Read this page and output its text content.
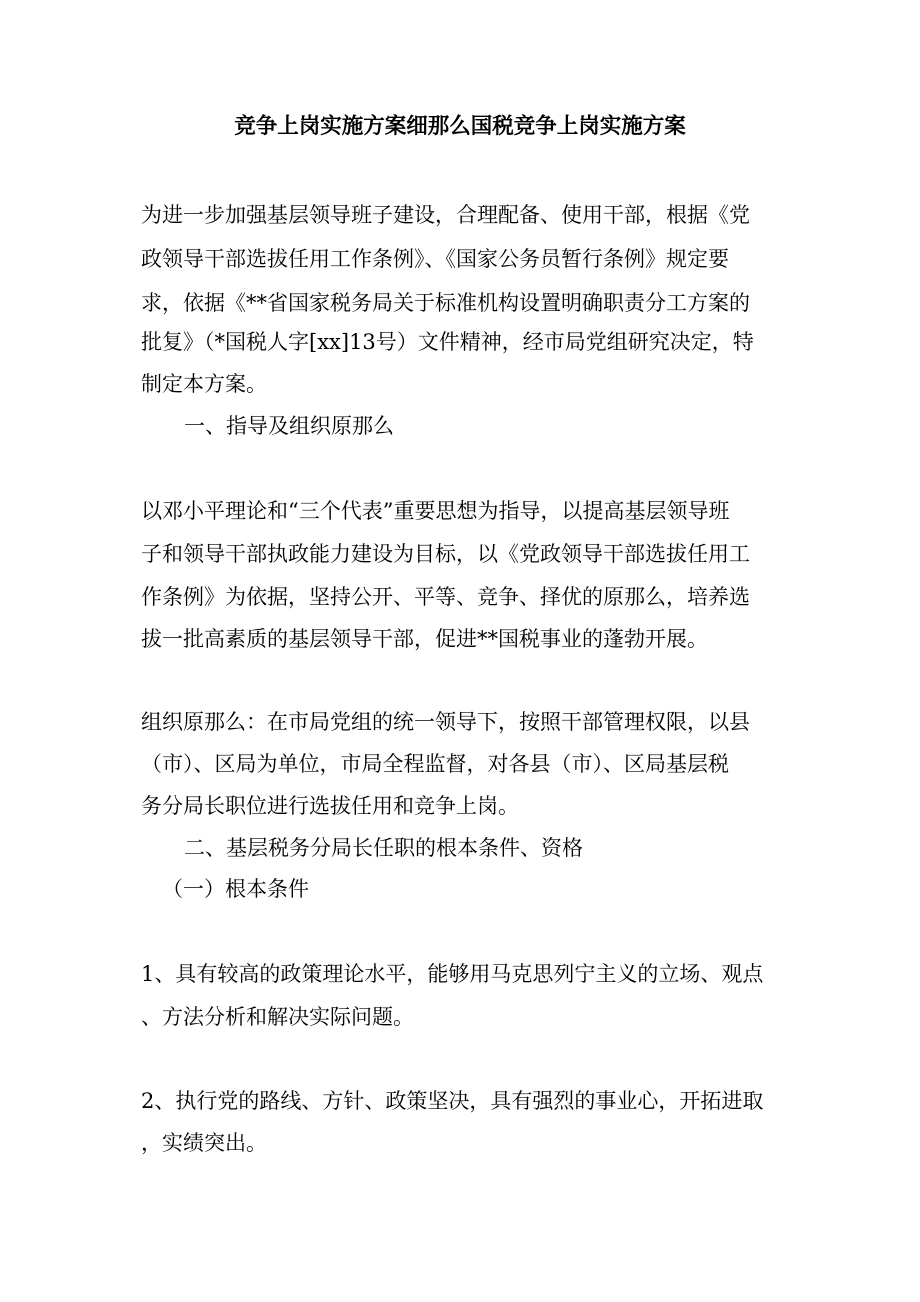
竞争上岗实施方案细那么国税竞争上岗实施方案
为进一步加强基层领导班子建设，合理配备、使用干部，根据《党
政领导干部选拔任用工作条例》、《国家公务员暂行条例》规定要
求，依据《**省国家税务局关于标准机构设置明确职责分工方案的
批复》（*国税人字[xx]13号）文件精神，经市局党组研究决定，特
制定本方案。
一、指导及组织原那么
以邓小平理论和“三个代表”重要思想为指导，以提高基层领导班
子和领导干部执政能力建设为目标，以《党政领导干部选拔任用工
作条例》为依据，坚持公开、平等、竞争、择优的原那么，培养选
拔一批高素质的基层领导干部，促进**国税事业的蓬勃开展。
组织原那么：在市局党组的统一领导下，按照干部管理权限，以县
（市）、区局为单位，市局全程监督，对各县（市）、区局基层税
务分局长职位进行选拔任用和竞争上岗。
二、基层税务分局长任职的根本条件、资格
（一）根本条件
1、具有较高的政策理论水平，能够用马克思列宁主义的立场、观点
、方法分析和解决实际问题。
2、执行党的路线、方针、政策坚决，具有强烈的事业心，开拓进取
，实绩突出。
